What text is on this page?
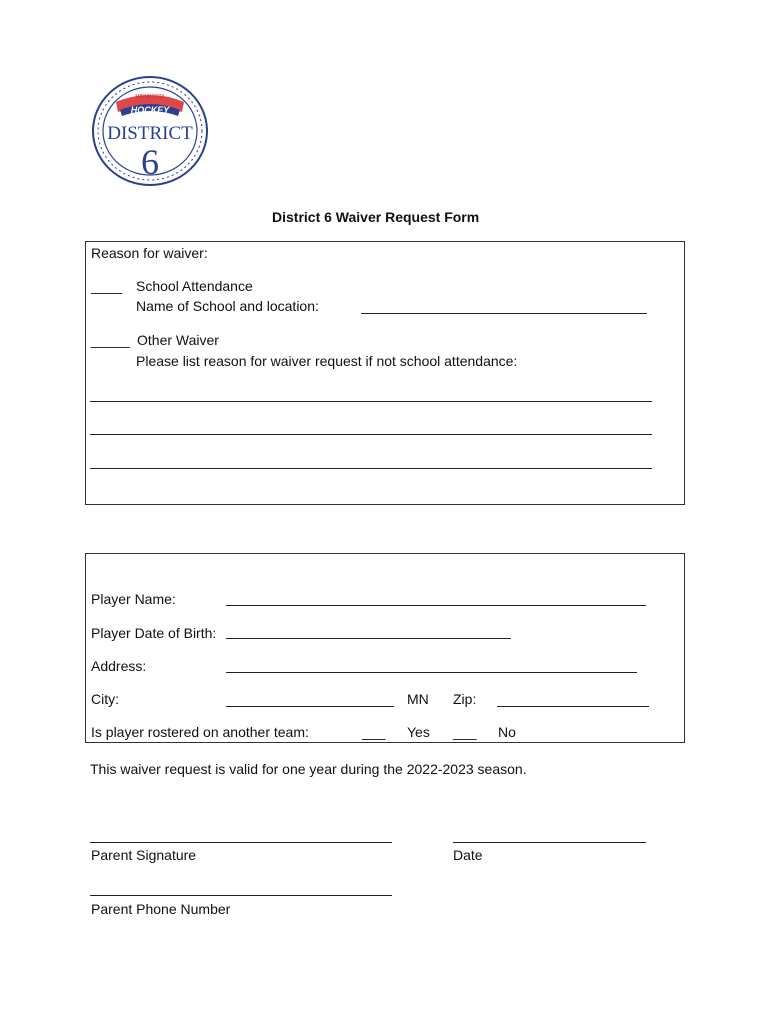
MINNESOTA
HOCKEY
DISTRICT
6
District 6 Waiver Request Form
Reason for waiver:
____ School Attendance
Name of School and location:
_____ Other Waiver
Please list reason for waiver request if not school attendance:
Player Name:
Player Date of Birth:
Address:
City:	MN Zip:
Is player rostered on another team:	___ Yes ___ No
This waiver request is valid for one year during the 2022-2023 season.
Parent Signature	Date
Parent Phone Number
